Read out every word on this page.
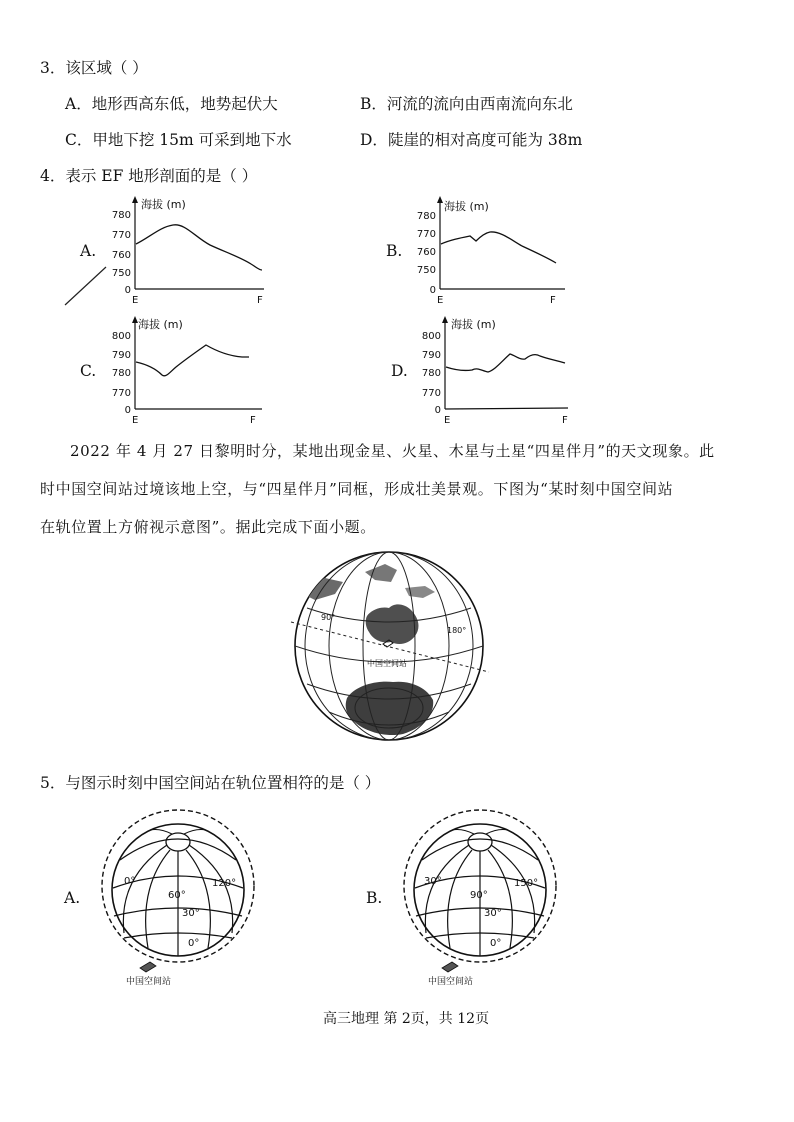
3．该区域（ ）
A．地形西高东低，地势起伏大	B．河流的流向由西南流向东北
C．甲地下挖 15m 可采到地下水	D．陡崖的相对高度可能为 38m
4．表示 EF 地形剖面的是（ ）
A.
海拔 (m)
780
770
760
750
0
E	F
B.
海拔 (m)
780
770
760
750
0
E	F
C.
海拔 (m)
800
790
780
770
0
E	F
D.
海拔 (m)
800
790
780
770
0
E	F
2022 年 4 月 27 日黎明时分，某地出现金星、火星、木星与土星“四星伴月”的天文现象。此
时中国空间站过境该地上空，与“四星伴月”同框，形成壮美景观。下图为“某时刻中国空间站
在轨位置上方俯视示意图”。据此完成下面小题。
90°
180°
中国空间站
5．与图示时刻中国空间站在轨位置相符的是（ ）
A.
0°
60°
120°
30°
0°
中国空间站
B.
30°
90°
150°
30°
0°
中国空间站
高三地理 第 2页，共 12页
